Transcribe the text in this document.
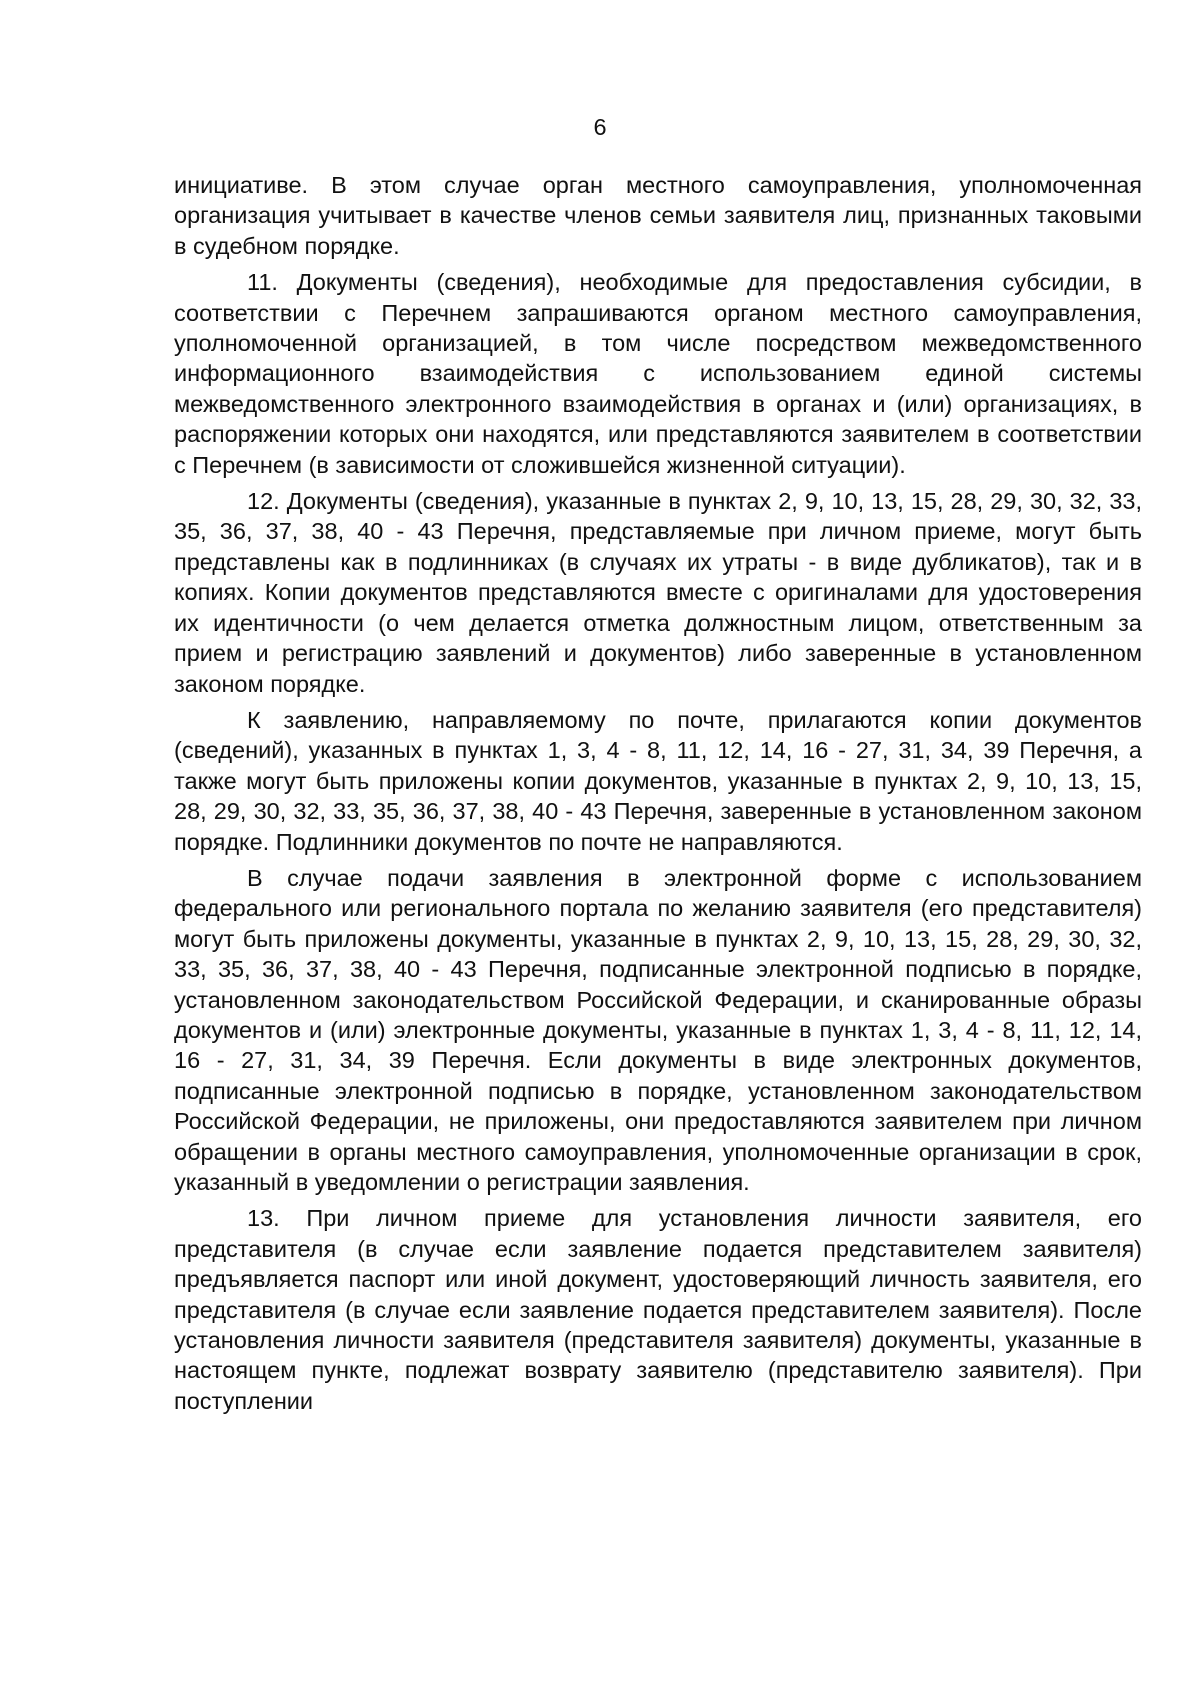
6

инициативе. В этом случае орган местного самоуправления, уполномоченная организация учитывает в качестве членов семьи заявителя лиц, признанных таковыми в судебном порядке.

11. Документы (сведения), необходимые для предоставления субсидии, в соответствии с Перечнем запрашиваются органом местного самоуправления, уполномоченной организацией, в том числе посредством межведомственного информационного взаимодействия с использованием единой системы межведомственного электронного взаимодействия в органах и (или) организациях, в распоряжении которых они находятся, или представляются заявителем в соответствии с Перечнем (в зависимости от сложившейся жизненной ситуации).

12. Документы (сведения), указанные в пунктах 2, 9, 10, 13, 15, 28, 29, 30, 32, 33, 35, 36, 37, 38, 40 - 43 Перечня, представляемые при личном приеме, могут быть представлены как в подлинниках (в случаях их утраты - в виде дубликатов), так и в копиях. Копии документов представляются вместе с оригиналами для удостоверения их идентичности (о чем делается отметка должностным лицом, ответственным за прием и регистрацию заявлений и документов) либо заверенные в установленном законом порядке.

К заявлению, направляемому по почте, прилагаются копии документов (сведений), указанных в пунктах 1, 3, 4 - 8, 11, 12, 14, 16 - 27, 31, 34, 39 Перечня, а также могут быть приложены копии документов, указанные в пунктах 2, 9, 10, 13, 15, 28, 29, 30, 32, 33, 35, 36, 37, 38, 40 - 43 Перечня, заверенные в установленном законом порядке. Подлинники документов по почте не направляются.

В случае подачи заявления в электронной форме с использованием федерального или регионального портала по желанию заявителя (его представителя) могут быть приложены документы, указанные в пунктах 2, 9, 10, 13, 15, 28, 29, 30, 32, 33, 35, 36, 37, 38, 40 - 43 Перечня, подписанные электронной подписью в порядке, установленном законодательством Российской Федерации, и сканированные образы документов и (или) электронные документы, указанные в пунктах 1, 3, 4 - 8, 11, 12, 14, 16 - 27, 31, 34, 39 Перечня. Если документы в виде электронных документов, подписанные электронной подписью в порядке, установленном законодательством Российской Федерации, не приложены, они предоставляются заявителем при личном обращении в органы местного самоуправления, уполномоченные организации в срок, указанный в уведомлении о регистрации заявления.

13. При личном приеме для установления личности заявителя, его представителя (в случае если заявление подается представителем заявителя) предъявляется паспорт или иной документ, удостоверяющий личность заявителя, его представителя (в случае если заявление подается представителем заявителя). После установления личности заявителя (представителя заявителя) документы, указанные в настоящем пункте, подлежат возврату заявителю (представителю заявителя). При поступлении
